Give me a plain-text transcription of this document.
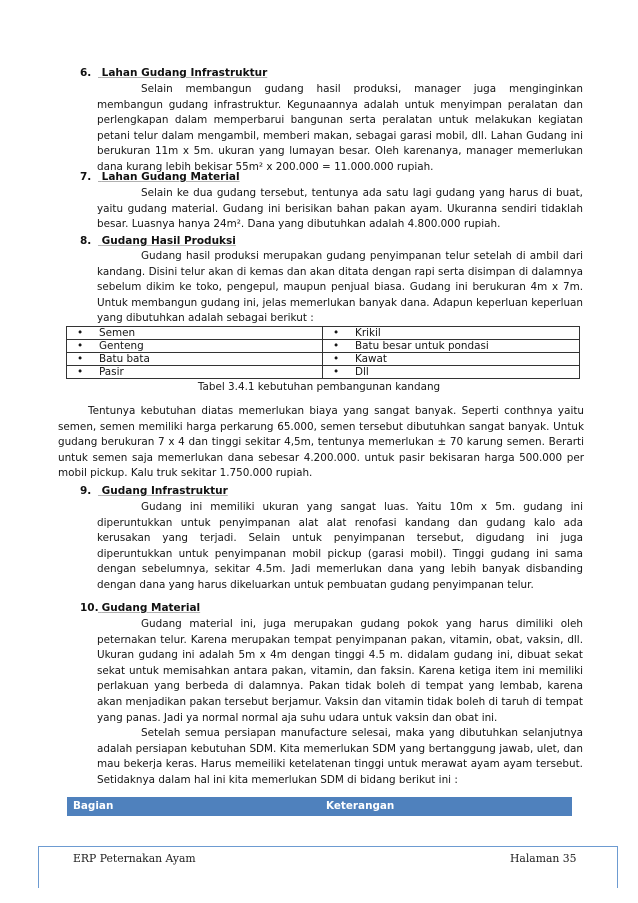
6. Lahan Gudang Infrastruktur

Selain membangun gudang hasil produksi, manager juga menginginkan membangun gudang infrastruktur. Kegunaannya adalah untuk menyimpan peralatan dan perlengkapan dalam memperbarui bangunan serta peralatan untuk melakukan kegiatan petani telur dalam mengambil, memberi makan, sebagai garasi mobil, dll. Lahan Gudang ini berukuran 11m x 5m. ukuran yang lumayan besar. Oleh karenanya, manager memerlukan dana kurang lebih bekisar 55m² x 200.000 = 11.000.000 rupiah.

7. Lahan Gudang Material

Selain ke dua gudang tersebut, tentunya ada satu lagi gudang yang harus di buat, yaitu gudang material. Gudang ini berisikan bahan pakan ayam. Ukuranna sendiri tidaklah besar. Luasnya hanya 24m². Dana yang dibutuhkan adalah 4.800.000 rupiah.

8. Gudang Hasil Produksi

Gudang hasil produksi merupakan gudang penyimpanan telur setelah di ambil dari kandang. Disini telur akan di kemas dan akan ditata dengan rapi serta disimpan di dalamnya sebelum dikim ke toko, pengepul, maupun penjual biasa. Gudang ini berukuran 4m x 7m. Untuk membangun gudang ini, jelas memerlukan banyak dana. Adapun keperluan keperluan yang dibutuhkan adalah sebagai berikut :

• Semen	• Krikil
• Genteng	• Batu besar untuk pondasi
• Batu bata	• Kawat
• Pasir	• Dll
Tabel 3.4.1 kebutuhan pembangunan kandang

Tentunya kebutuhan diatas memerlukan biaya yang sangat banyak. Seperti conthnya yaitu semen, semen memiliki harga perkarung 65.000, semen tersebut dibutuhkan sangat banyak. Untuk gudang berukuran 7 x 4 dan tinggi sekitar 4,5m, tentunya memerlukan ± 70 karung semen. Berarti untuk semen saja memerlukan dana sebesar 4.200.000. untuk pasir bekisaran harga 500.000 per mobil pickup. Kalu truk sekitar 1.750.000 rupiah.

9. Gudang Infrastruktur

Gudang ini memiliki ukuran yang sangat luas. Yaitu 10m x 5m. gudang ini diperuntukkan untuk penyimpanan alat alat renofasi kandang dan gudang kalo ada kerusakan yang terjadi. Selain untuk penyimpanan tersebut, digudang ini juga diperuntukkan untuk penyimpanan mobil pickup (garasi mobil). Tinggi gudang ini sama dengan sebelumnya, sekitar 4.5m. Jadi memerlukan dana yang lebih banyak disbanding dengan dana yang harus dikeluarkan untuk pembuatan gudang penyimpanan telur.

10. Gudang Material

Gudang material ini, juga merupakan gudang pokok yang harus dimiliki oleh peternakan telur. Karena merupakan tempat penyimpanan pakan, vitamin, obat, vaksin, dll. Ukuran gudang ini adalah 5m x 4m dengan tinggi 4.5 m. didalam gudang ini, dibuat sekat sekat untuk memisahkan antara pakan, vitamin, dan faksin. Karena ketiga item ini memiliki perlakuan yang berbeda di dalamnya. Pakan tidak boleh di tempat yang lembab, karena akan menjadikan pakan tersebut berjamur. Vaksin dan vitamin tidak boleh di taruh di tempat yang panas. Jadi ya normal normal aja suhu udara untuk vaksin dan obat ini.

Setelah semua persiapan manufacture selesai, maka yang dibutuhkan selanjutnya adalah persiapan kebutuhan SDM. Kita memerlukan SDM yang bertanggung jawab, ulet, dan mau bekerja keras. Harus memeiliki ketelatenan tinggi untuk merawat ayam ayam tersebut. Setidaknya dalam hal ini kita memerlukan SDM di bidang berikut ini :

Bagian	Keterangan
ERP Peternakan Ayam	Halaman 35
